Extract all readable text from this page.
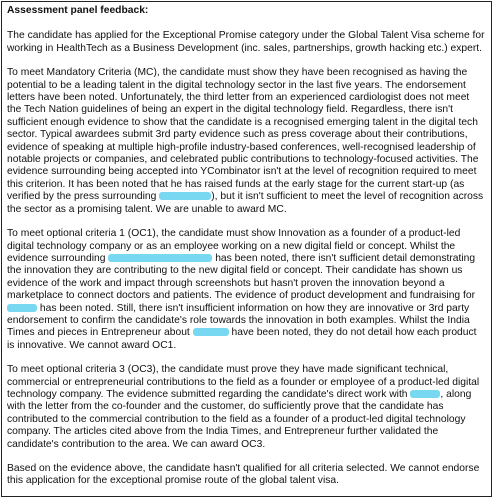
Assessment panel feedback:

The candidate has applied for the Exceptional Promise category under the Global Talent Visa scheme for working in HealthTech as a Business Development (inc. sales, partnerships, growth hacking etc.) expert.

To meet Mandatory Criteria (MC), the candidate must show they have been recognised as having the potential to be a leading talent in the digital technology sector in the last five years. The endorsement letters have been noted. Unfortunately, the third letter from an experienced cardiologist does not meet the Tech Nation guidelines of being an expert in the digital technology field. Regardless, there isn't sufficient enough evidence to show that the candidate is a recognised emerging talent in the digital tech sector. Typical awardees submit 3rd party evidence such as press coverage about their contributions, evidence of speaking at multiple high-profile industry-based conferences, well-recognised leadership of notable projects or companies, and celebrated public contributions to technology-focused activities. The evidence surrounding being accepted into YCombinator isn't at the level of recognition required to meet this criterion. It has been noted that he has raised funds at the early stage for the current start-up (as verified by the press surrounding	), but it isn't sufficient to meet the level of recognition across the sector as a promising talent. We are unable to award MC.

To meet optional criteria 1 (OC1), the candidate must show Innovation as a founder of a product-led digital technology company or as an employee working on a new digital field or concept. Whilst the evidence surrounding	has been noted, there isn't sufficient detail demonstrating the innovation they are contributing to the new digital field or concept. Their candidate has shown us evidence of the work and impact through screenshots but hasn't proven the innovation beyond a marketplace to connect doctors and patients. The evidence of product development and fundraising for  has been noted. Still, there isn't insufficient information on how they are innovative or 3rd party endorsement to confirm the candidate's role towards the innovation in both examples. Whilst the India Times and pieces in Entrepreneur about	have been noted, they do not detail how each product is innovative. We cannot award OC1.

To meet optional criteria 3 (OC3), the candidate must prove they have made significant technical, commercial or entrepreneurial contributions to the field as a founder or employee of a product-led digital technology company. The evidence submitted regarding the candidate's direct work with	, along with the letter from the co-founder and the customer, do sufficiently prove that the candidate has contributed to the commercial contribution to the field as a founder of a product-led digital technology company. The articles cited above from the India Times, and Entrepreneur further validated the candidate's contribution to the area. We can award OC3.

Based on the evidence above, the candidate hasn't qualified for all criteria selected. We cannot endorse this application for the exceptional promise route of the global talent visa.
